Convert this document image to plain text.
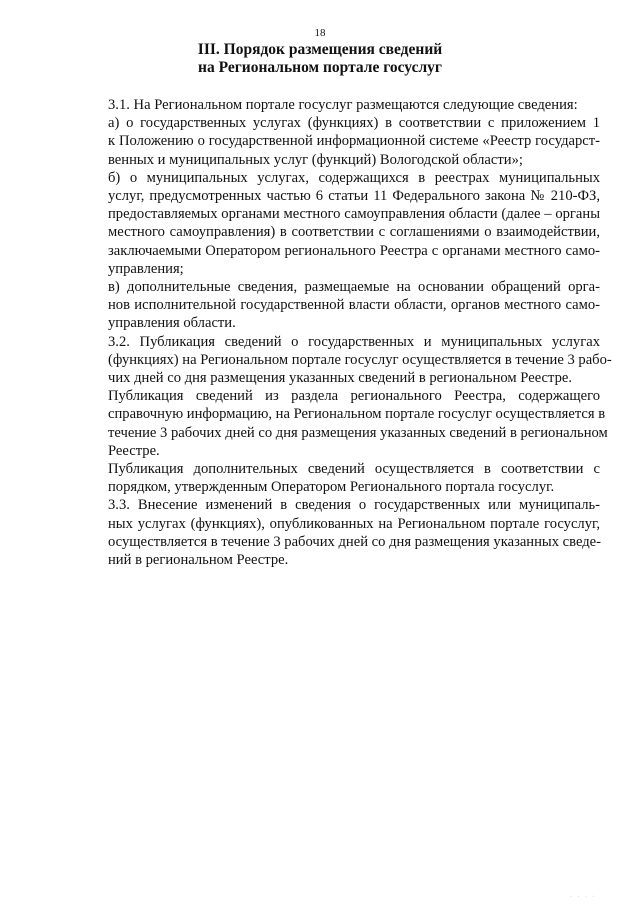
18
III. Порядок размещения сведений
на Региональном портале госуслуг

3.1. На Региональном портале госуслуг размещаются следующие сведения:

а) о государственных услугах (функциях) в соответствии с приложением 1
к Положению о государственной информационной системе «Реестр государст-
венных и муниципальных услуг (функций) Вологодской области»;

б) о муниципальных услугах, содержащихся в реестрах муниципальных
услуг, предусмотренных частью 6 статьи 11 Федерального закона № 210-ФЗ,
предоставляемых органами местного самоуправления области (далее – органы
местного самоуправления) в соответствии с соглашениями о взаимодействии,
заключаемыми Оператором регионального Реестра с органами местного само-
управления;

в) дополнительные сведения, размещаемые на основании обращений орга-
нов исполнительной государственной власти области, органов местного само-
управления области.

3.2. Публикация сведений о государственных и муниципальных услугах
(функциях) на Региональном портале госуслуг осуществляется в течение 3 рабо-
чих дней со дня размещения указанных сведений в региональном Реестре.

Публикация сведений из раздела регионального Реестра, содержащего
справочную информацию, на Региональном портале госуслуг осуществляется в
течение 3 рабочих дней со дня размещения указанных сведений в региональном
Реестре.

Публикация дополнительных сведений осуществляется в соответствии с
порядком, утвержденным Оператором Регионального портала госуслуг.

3.3. Внесение изменений в сведения о государственных или муниципаль-
ных услугах (функциях), опубликованных на Региональном портале госуслуг,
осуществляется в течение 3 рабочих дней со дня размещения указанных сведе-
ний в региональном Реестре.

· · · ·
